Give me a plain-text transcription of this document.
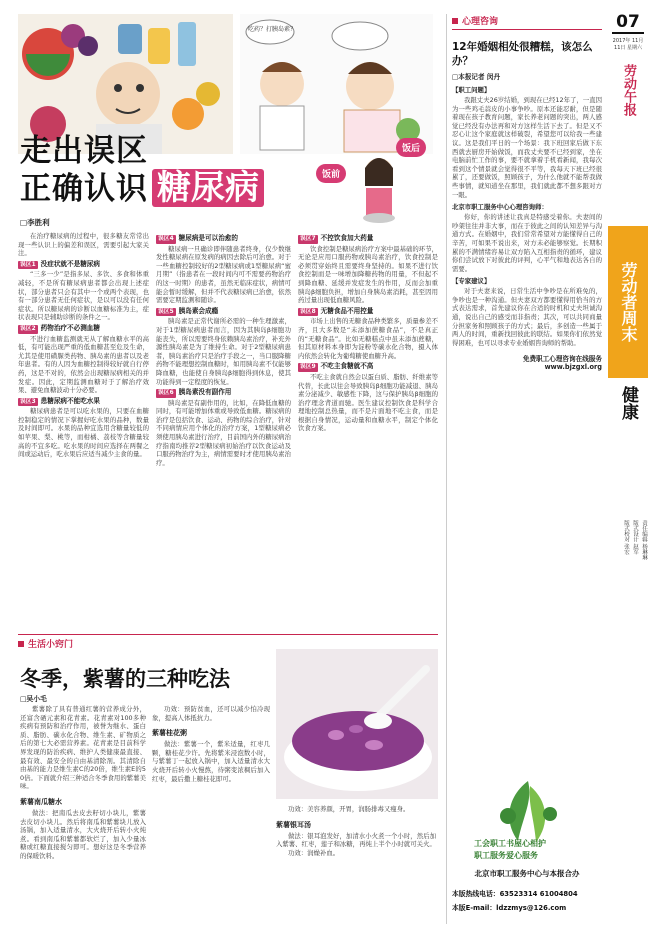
吃药？打胰岛素？
走出误区
正确认识 糖尿病	饭前
饭后
□李胜利
在治疗糖尿病的过程中，很多糖友常常出现一些认识上的偏差和误区，需要引起大家关注。
误区1 没症状就不是糖尿病
“三多一少”是指多尿、多饮、多食和体重减轻，不是所有糖尿病患者都会出现上述症状，部分患者只会有其中一个或两个表现，也有一部分患者无任何症状，是以可以没有任何症状。所以糖尿病的诊断以血糖标准为主，症状表现只是辅助诊断的条件之一。
误区2 药物治疗不必测血糖
不进行血糖监测就无从了解血糖水平的高低，有可能出现严重的低血糖甚至危及生命，尤其是使用磺脲类药物、胰岛素的患者以及老年患者。有的人因为血糖控制得较好就自行停药，这是不对的，依然会出现糖尿病相关的并发症。因此，定期监测血糖对于了解治疗效果、避免血糖波动十分必要。
误区3 患糖尿病不能吃水果
糖尿病患者是可以吃水果的，只要在血糖控制稳定的情况下掌握好吃水果的品种，数量及时间即可。水果的品种宜选用含糖量较低的如苹果、梨、桃等，而柑橘、荔枝等含糖量较高的不宜多吃。吃水果的时间应选择在两餐之间或运动后，吃水果后应适当减少主食的量。
误区4 糖尿病是可以治愈的
糖尿病一旦确诊即伴随患者终身，仅少数继发性糖尿病在原发病的病因去除后可治愈。对于一些血糖控制较好的2型糖尿病或1型糖尿病“蜜月期”（指患者在一段时间内可不需要药物治疗的这一时期）的患者，虽然无临床症状，病情可能会暂时缓解，但并不代表糖尿病已治愈，依然需要定期监测和随诊。
误区5 胰岛素会成瘾
胰岛素是正常代谢所必需的一种生理激素，对于1型糖尿病患者而言，因为其胰岛β细胞功能丧失，所以需要终身依赖胰岛素治疗，补充外源性胰岛素是为了维持生命。对于2型糖尿病患者，胰岛素治疗只是治疗手段之一，当口服降糖药物不能理想控制血糖时，如用胰岛素不仅能够降血糖，也能使自身胰岛β细胞得到休息，使其功能得到一定程度的恢复。
误区6 胰岛素没有副作用
胰岛素是有副作用的，比如，在降低血糖的同时，有可能增加体重或导致低血糖。糖尿病的治疗是包括饮食、运动、药物的综合治疗，针对不同病情应用个体化的治疗方案，1型糖尿病必须使用胰岛素进行治疗，目前国内外的糖尿病治疗指南均推荐2型糖尿病初始治疗以饮食运动及口服药物治疗为主，病情需要时才使用胰岛素治疗。
误区7 不控饮食加大药量
饮食控制是糖尿病治疗方案中最基础的环节，无论是应用口服药物或胰岛素治疗，饮食控制是必须贯穿始终且需要终身坚持的。如果不进行饮食控制而是一味增加降糖药物的用量，不但起不到降血糖、延缓并发症发生的作用，反而会加重胰岛β细胞负担，增加自身胰岛素消耗，甚至因用药过量出现低血糖风险。
误区8 无糖食品不用控量
市场上出售的无糖食品种类繁多，质量参差不齐，且大多数是“未添加蔗糖食品”，不是真正的“无糖食品”。比如无糖糕点中虽未添加蔗糖，但其原材料本身即为淀粉等碳水化合物，摄入体内依然会转化为葡萄糖使血糖升高。
误区9 不吃主食糖就不高
不吃主食就自然会以蛋白质、脂肪、纤维素等代替，长此以往会导致胰岛β细胞功能减退、胰岛素分泌减少、敏感性下降，这与保护胰岛β细胞的治疗理念背道而驰。医生建议控制饮食是科学合理地控制总热量，而不是片面地不吃主食，而是根据自身情况，运动量和血糖水平，制定个体化饮食方案。
心理咨询
12年婚姻相处很糟糕，该怎么办？
□本报记者 闵丹
【职工问题】
我跟丈夫26岁结婚，到现在已经12年了，一直因为一些鸡毛蒜皮的小事争吵。原本还能忍耐，但是随着现在孩子教育问题，家长养老问题的突出，两人感觉已经没有办法再和对方这样生活下去了。但是又不忍心让这个家庭就这样破裂，希望您可以给我一些建议。这是我们平日的一个场景：我下班回家后做下东西就去厨房开始做饭，而我丈夫要不已经到家，坐在电脑前忙工作的事，要不就拿着手机看新闻，我每次看到这个情景就会觉得很不平等，我每天下班已经很累了，还要做饭，照顾孩子，为什么他就不能帮我做些事情，就知道坐在那里，我们就此都不想多跟对方一眼。
北京市职工服务中心心理咨询师：
你好，你的讲述让我真是特感受着你。夫妻间的吵架往往并非大事，而在于彼此之间的认知差异与沟通方式。在婚姻中，我们常常希望对方能懂得自己的辛苦，可如果不说出来，对方未必能够察觉。长期积累的不满情绪容易让双方陷入互相指责的循环，建议你们尝试放下对彼此的评判，心平气和地表达各自的需要。
【专家建议】
对于夫妻来说，日常生活中争吵是在所难免的，争吵也是一种沟通。但夫妻双方都要懂得用恰当的方式表达需求，首先建议你在合适的时机和丈夫坦诚沟通，说出自己的感受而非指责；其次，可以共同商量分担家务和照顾孩子的方式；最后，多创造一些属于两人的时间，重新找回彼此的联结。如果你们依然觉得困难，也可以寻求专业婚姻咨询师的帮助。
免费职工心理咨询在线服务
www.bjzgxl.org
工会职工书屋心相护
职工服务爱心服务
北京市职工服务中心与本报合办
本版热线电话：63523314 61004804
本版E-mail：ldzzmys@126.com
07
2017年 11月11日 星期六
劳动午报
劳动者周末
健康
责任编辑 杨琳琳
版式设计 赵军
版式校对 张宏
生活小窍门
冬季，紫薯的三种吃法
□吴小毛
紫薯除了具有普通红薯的营养成分外，还富含硒元素和花青素。花青素对100多种疾病有预防和治疗作用，被誉为继水、蛋白质、脂肪、碳水化合物、维生素、矿物质之后的第七大必需营养素。花青素是目前科学界发现的防治疾病、维护人类健康最直接、最有效、最安全的自由基清除剂。其清除自由基的能力是维生素C的20倍，维生素E的50倍。下面就介绍三种适合冬季食用的紫薯美味。
紫薯南瓜糖水
做法：把南瓜去皮去籽切小块儿，紫薯去皮切小块儿。然后将南瓜和紫薯块儿放入汤锅，加入适量清水，大火烧开后转小火炖煮。看到南瓜和紫薯都软烂了，加入少量冰糖或红糖直接搅匀即可。想好这是冬季营养的保暖饮料。
功效：预防贫血，还可以减少怕冷现象，提高人体抵抗力。
紫薯桂花粥
做法：紫薯一个，紫米适量，红枣几颗，糖桂花少许。先将紫米浸泡数小时，与紫薯丁一起放入锅中，加入适量清水大火烧开后转小火慢熬，待粥变浓稠后加入红枣，最后撒上糖桂花即可。
功效：美容养颜，开胃，润肠排毒又瘦身。
紫薯银耳汤
做法：银耳泡发好，加清水小火煮一个小时，然后加入紫薯、红枣，莲子和冰糖，再炖上半个小时就可关火。
功效：润燥补血。
